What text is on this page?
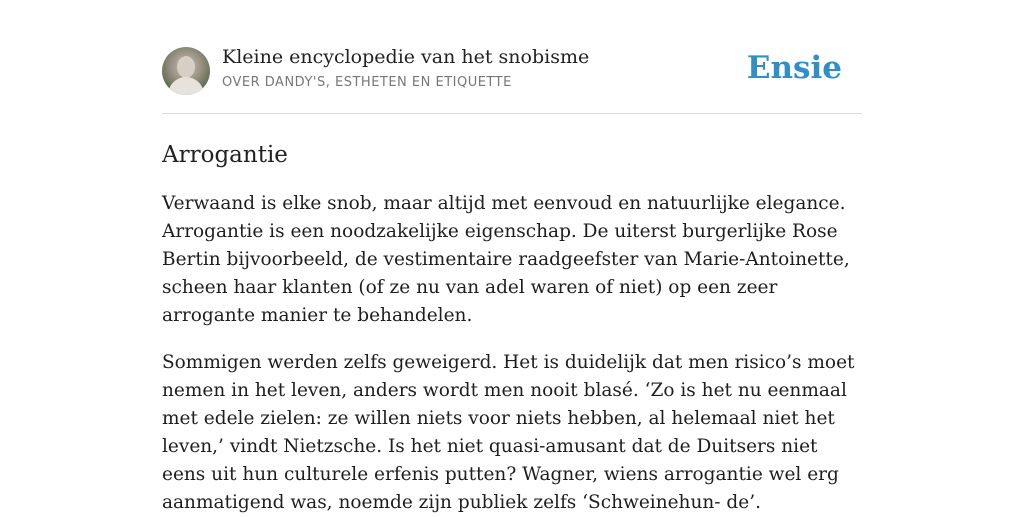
Kleine encyclopedie van het snobisme
OVER DANDY'S, ESTHETEN EN ETIQUETTE	Ensie
Arrogantie

Verwaand is elke snob, maar altijd met eenvoud en natuurlijke elegance. Arrogantie is een noodzakelijke eigenschap. De uiterst burgerlijke Rose Bertin bijvoorbeeld, de vestimentaire raadgeefster van Marie-Antoinette, scheen haar klanten (of ze nu van adel waren of niet) op een zeer arrogante manier te behandelen.

Sommigen werden zelfs geweigerd. Het is duidelijk dat men risico’s moet nemen in het leven, anders wordt men nooit blasé. ‘Zo is het nu eenmaal met edele zielen: ze willen niets voor niets hebben, al helemaal niet het leven,’ vindt Nietzsche. Is het niet quasi-amusant dat de Duitsers niet eens uit hun culturele erfenis putten? Wagner, wiens arrogantie wel erg aanmatigend was, noemde zijn publiek zelfs ‘Schweinehun- de’.
